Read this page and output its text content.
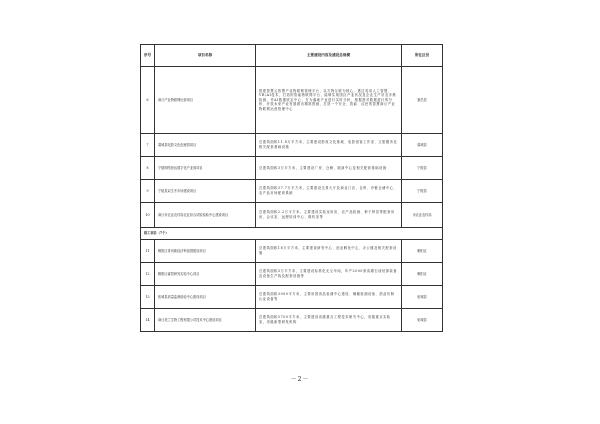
序号	项目名称	主要建设内容及建设总规模	所在区县
6	商丘产业物联网运营项目	搭建智慧云智慧产业物联网管理平台，以万物互联为核心，透过英用人工智慧、VR/AI技术，打造的智能物联网平台，能够实现国区产业状况及企业生产状态多维检测，并AI数据收定中心，打为落地产业进行实时分析，根据需对数据进行的分析、开放未来产业发展做出精准预测，打造一个安全、智能、汉民的智慧商丘产业物联网运营管理中心	夏邑县
7	虞城县电影文化创意园项目	总建筑面积11.8万平方米，主要建设影视文化基地、电影创客工作室、文旅服务及相关配套基础设施	虞城县
8	宁陵网络营运数字化产业园项目	总建筑面积3万平方米，主要建设厂房、仓储、展演中心及相关配套基础设施	宁陵县
9	宁陵县双生冬市场建设项目	总建筑面积37.7万平方米，主要建设交易大厅及商业门店、仓库、冷链仓储中心、农产品市场配套系统	宁陵县
10	商丘市农业农村局农业综合试验检验中心建设项目	总建筑面积2.2万平方米，主要建设实验室用房、农产品检测、种子种苗等配套用房、会议室、远程培训中心、微机室等	市农业农村局
续工项目（7个）			
11	睢阳区青河新经济科创园建设项目	总建筑面积18万平方米，主要建设研发中心、创业孵化中心、办公楼及相关配套设施	睢阳区
12	睢阳区睿控研发实验中心项目	总建筑面积3万平方米，主要建设标准化无尘车间，年产2000套高端石油钻探装备及设备生产线及配套设施等	睢阳区
13	柘城县质量监督检验中心建设项目	总建筑面积3000平方米，主要用园食品检测中心建设、辣椒检测设备、药品仿制认证设备等	柘城县
14	商丘美兰生物工程有限公司技术中心建设项目	总建筑面积5700平方米，主要建设省级重点工程技术研究中心，省级重点实验室，省级新型研发机构	柘城县
－2－
